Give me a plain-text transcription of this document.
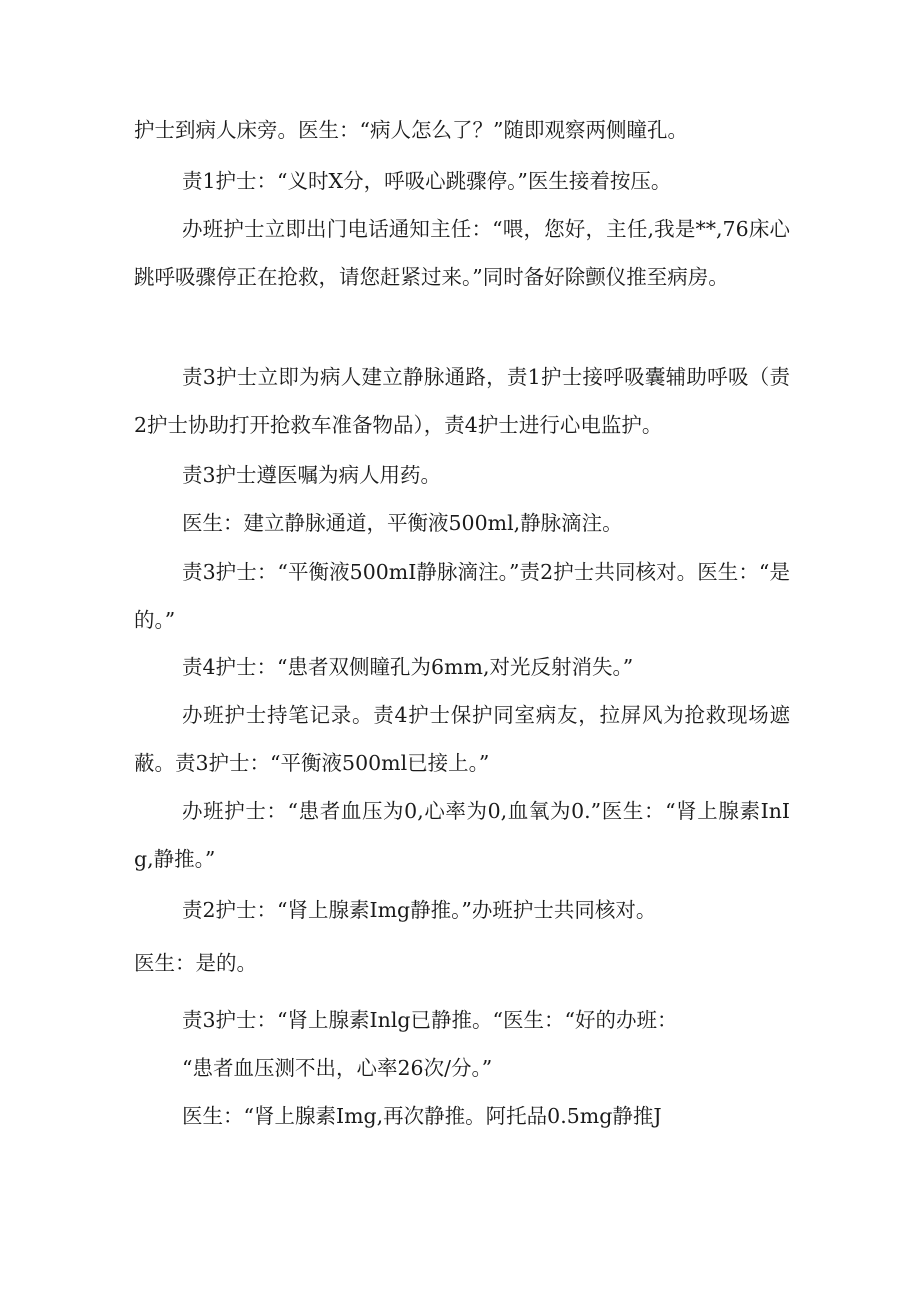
护士到病人床旁。医生：“病人怎么了？”随即观察两侧瞳孔。

责1护士：“义时X分，呼吸心跳骤停。”医生接着按压。

办班护士立即出门电话通知主任：“喂，您好，主任,我是**,76床心跳呼吸骤停正在抢救，请您赶紧过来。”同时备好除颤仪推至病房。

责3护士立即为病人建立静脉通路，责1护士接呼吸囊辅助呼吸（责2护士协助打开抢救车准备物品），责4护士进行心电监护。

责3护士遵医嘱为病人用药。

医生：建立静脉通道，平衡液500ml,静脉滴注。

责3护士：“平衡液500mI静脉滴注。”责2护士共同核对。医生：“是的。”

责4护士：“患者双侧瞳孔为6mm,对光反射消失。”

办班护士持笔记录。责4护士保护同室病友，拉屏风为抢救现场遮蔽。责3护士：“平衡液500ml已接上。”

办班护士：“患者血压为0,心率为0,血氧为0.”医生：“肾上腺素InIg,静推。”

责2护士：“肾上腺素Img静推。”办班护士共同核对。

医生：是的。

责3护士：“肾上腺素Inlg已静推。“医生：“好的办班：

“患者血压测不出，心率26次/分。”

医生：“肾上腺素Img,再次静推。阿托品0.5mg静推J
